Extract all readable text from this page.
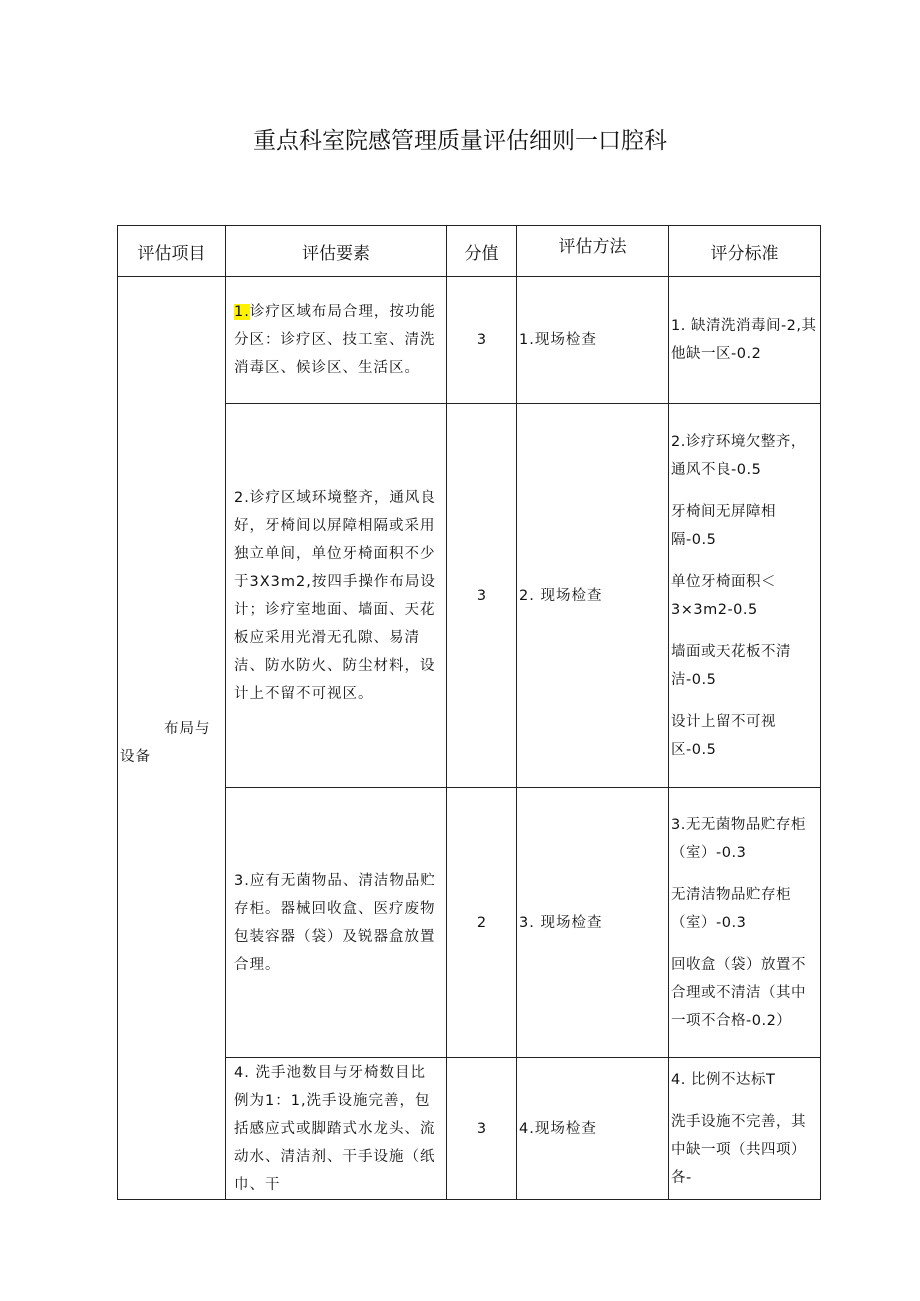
重点科室院感管理质量评估细则一口腔科
评估项目	评估要素	分值	评估方法	评分标准

布局与
设备	1.诊疗区域布局合理，按功能分区：诊疗区、技工室、清洗消毒区、候诊区、生活区。	3	1.现场检查	1. 缺清洗消毒间-2,其他缺一区-0.2

	2.诊疗区域环境整齐，通风良好，牙椅间以屏障相隔或采用独立单间，单位牙椅面积不少于3X3m2,按四手操作布局设计；诊疗室地面、墙面、天花板应采用光滑无孔隙、易清洁、防水防火、防尘材料，设计上不留不可视区。	3	2. 现场检查	2.诊疗环境欠整齐，通风不良-0.5

牙椅间无屏障相隔-0.5

单位牙椅面积＜3×3m2-0.5

墙面或天花板不清洁-0.5

设计上留不可视区-0.5

	3.应有无菌物品、清洁物品贮存柜。器械回收盒、医疗废物包装容器（袋）及锐器盒放置合理。	2	3. 现场检查	3.无无菌物品贮存柜（室）-0.3

无清洁物品贮存柜（室）-0.3

回收盒（袋）放置不合理或不清洁（其中一项不合格-0.2）

	4. 洗手池数目与牙椅数目比例为1：1,洗手设施完善，包括感应式或脚踏式水龙头、流动水、清洁剂、干手设施（纸巾、干	3	4.现场检查	4. 比例不达标T

洗手设施不完善，其中缺一项（共四项）各-
